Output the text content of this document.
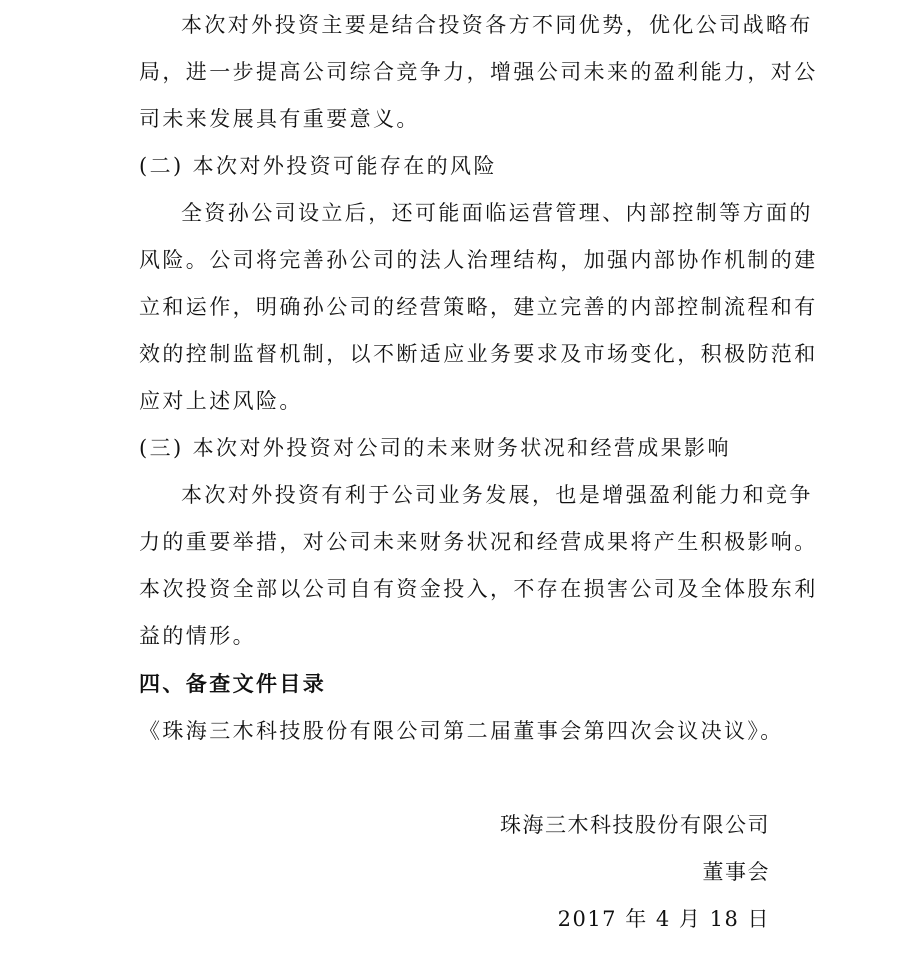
本次对外投资主要是结合投资各方不同优势，优化公司战略布
局，进一步提高公司综合竞争力，增强公司未来的盈利能力，对公
司未来发展具有重要意义。
(二) 本次对外投资可能存在的风险
全资孙公司设立后，还可能面临运营管理、内部控制等方面的
风险。公司将完善孙公司的法人治理结构，加强内部协作机制的建
立和运作，明确孙公司的经营策略，建立完善的内部控制流程和有
效的控制监督机制，以不断适应业务要求及市场变化，积极防范和
应对上述风险。
(三) 本次对外投资对公司的未来财务状况和经营成果影响
本次对外投资有利于公司业务发展，也是增强盈利能力和竞争
力的重要举措，对公司未来财务状况和经营成果将产生积极影响。
本次投资全部以公司自有资金投入，不存在损害公司及全体股东利
益的情形。
四、备查文件目录
《珠海三木科技股份有限公司第二届董事会第四次会议决议》。
珠海三木科技股份有限公司
董事会
2017 年 4 月 18 日
